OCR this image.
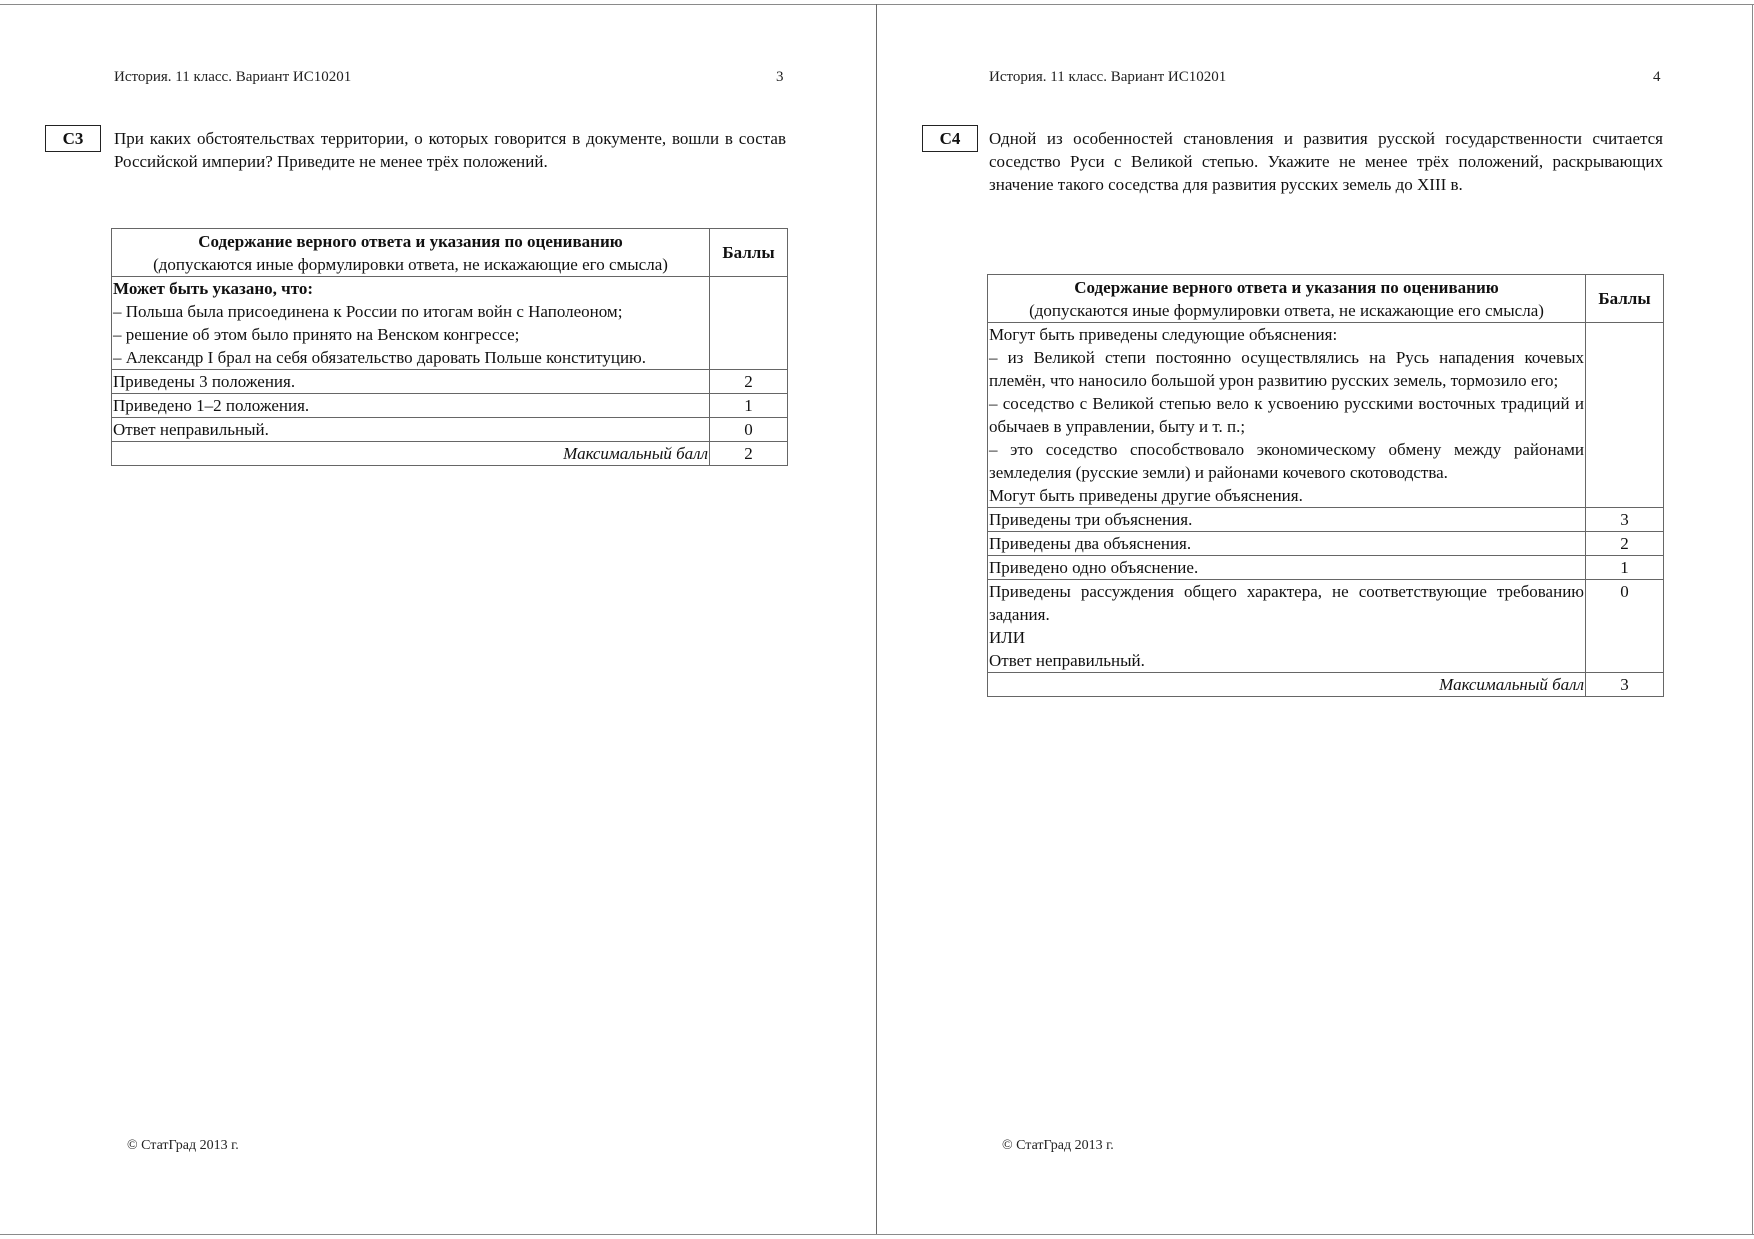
История. 11 класс. Вариант ИС10201	3
С3	При каких обстоятельствах территории, о которых говорится в документе, вошли в состав Российской империи? Приведите не менее трёх положений.
Содержание верного ответа и указания по оцениванию
(допускаются иные формулировки ответа, не искажающие его смысла)	Баллы

Может быть указано, что:
– Польша была присоединена к России по итогам войн с Наполеоном;
– решение об этом было принято на Венском конгрессе;
– Александр I брал на себя обязательство даровать Польше конституцию.	

Приведены 3 положения.	2
Приведено 1–2 положения.	1
Ответ неправильный.	0
Максимальный балл	2
© СтатГрад 2013 г.
История. 11 класс. Вариант ИС10201	4
С4	Одной из особенностей становления и развития русской государственности считается соседство Руси с Великой степью. Укажите не менее трёх положений, раскрывающих значение такого соседства для развития русских земель до XIII в.
Содержание верного ответа и указания по оцениванию
(допускаются иные формулировки ответа, не искажающие его смысла)	Баллы

Могут быть приведены следующие объяснения:
– из Великой степи постоянно осуществлялись на Русь нападения кочевых племён, что наносило большой урон развитию русских земель, тормозило его;
– соседство с Великой степью вело к усвоению русскими восточных традиций и обычаев в управлении, быту и т. п.;
– это соседство способствовало экономическому обмену между районами земледелия (русские земли) и районами кочевого скотоводства.
Могут быть приведены другие объяснения.	

Приведены три объяснения.	3
Приведены два объяснения.	2
Приведено одно объяснение.	1

Приведены рассуждения общего характера, не соответствующие требованию задания.
ИЛИ
Ответ неправильный.	0
Максимальный балл	3
© СтатГрад 2013 г.
